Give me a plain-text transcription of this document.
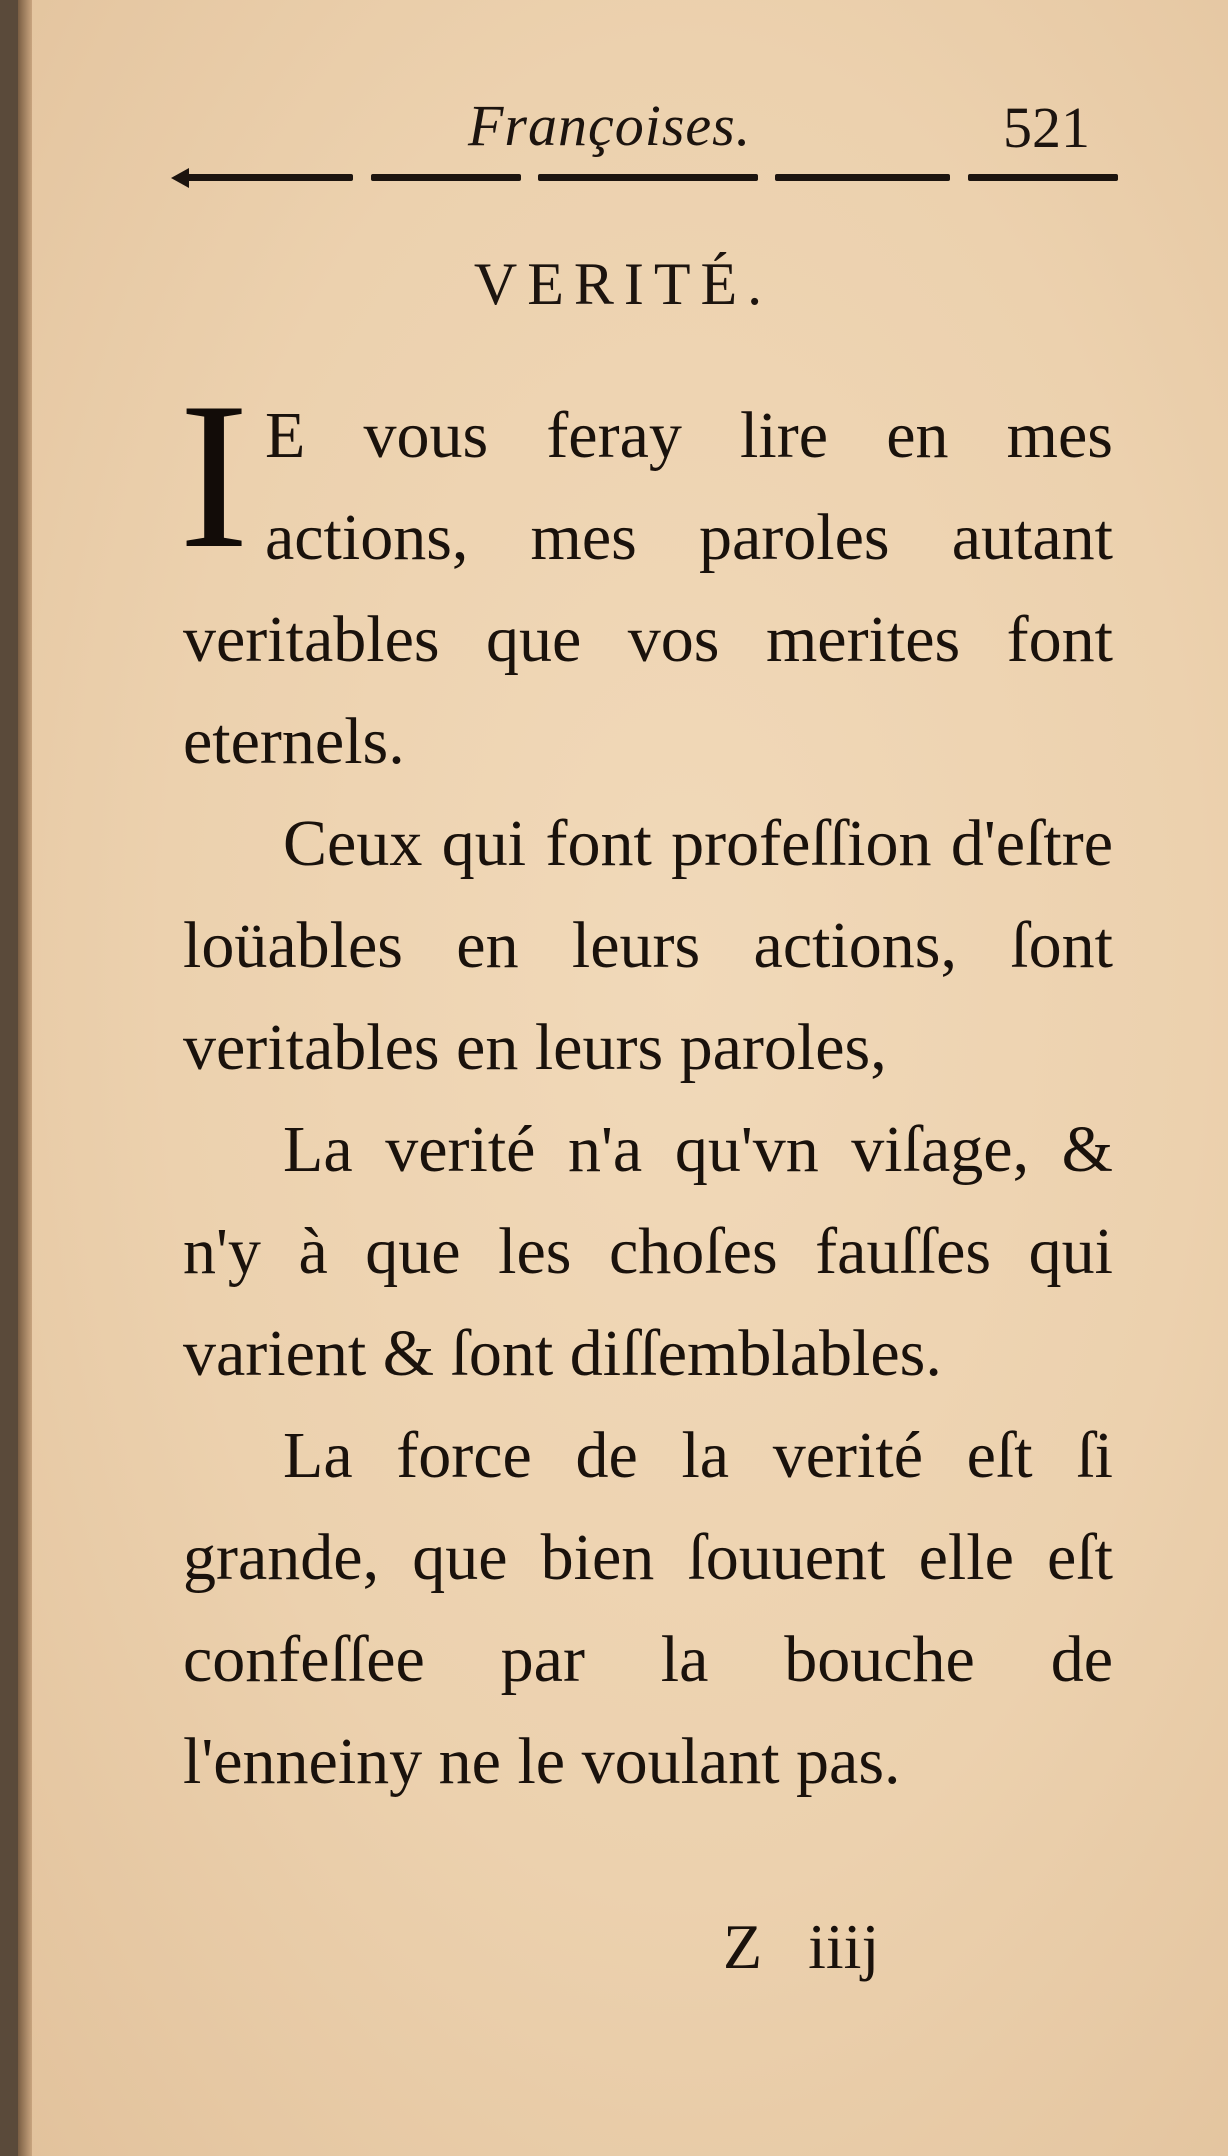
Françoises.	521
VERITÉ.

I E vous feray lire en mes actions, mes paroles autant veritables que vos merites font eternels.

Ceux qui font profeſſion d'eſtre loüables en leurs actions, ſont veritables en leurs paroles,

La verité n'a qu'vn viſage, & n'y à que les choſes fauſſes qui varient & ſont diſſemblables.

La force de la verité eſt ſi grande, que bien ſouuent elle eſt confeſſee par la bouche de l'enneiny ne le voulant pas.

Z iiij
